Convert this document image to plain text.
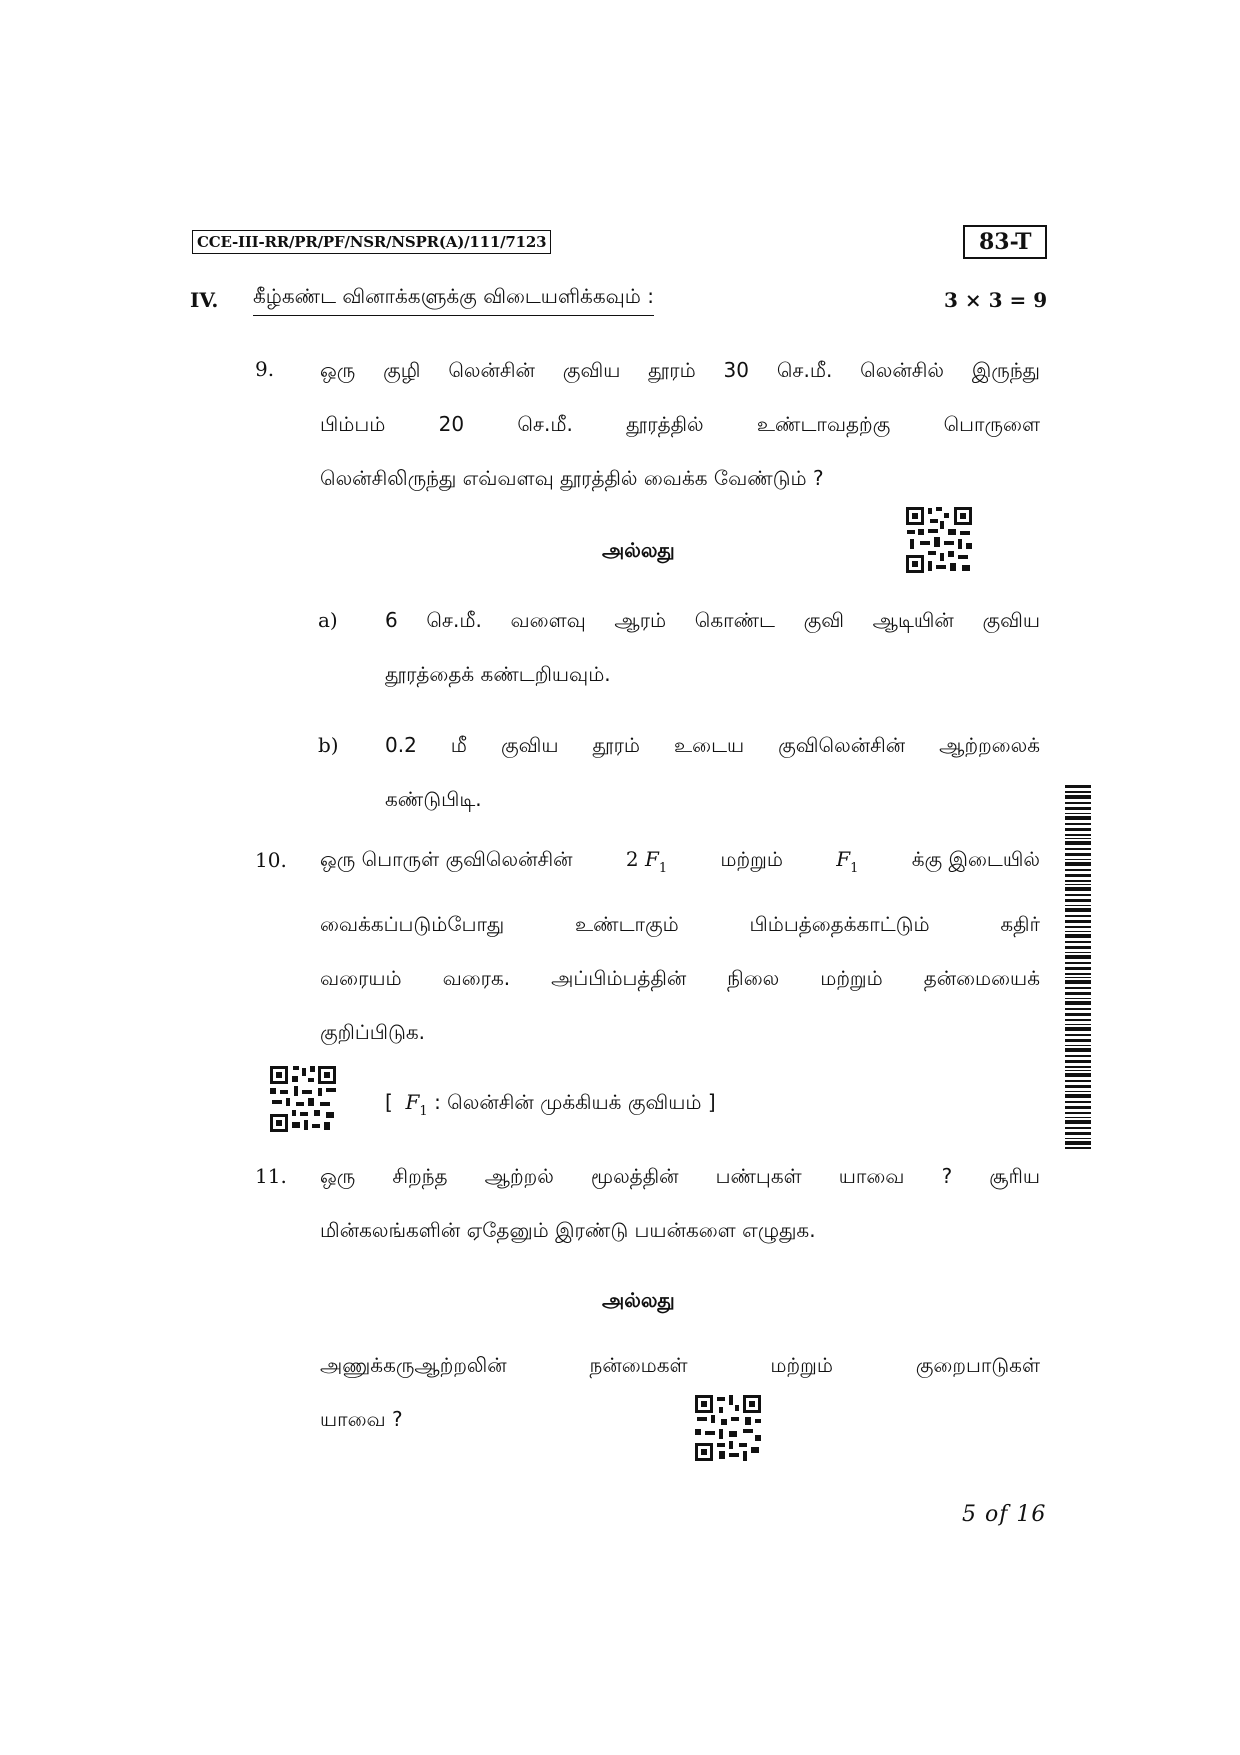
CCE-III-RR/PR/PF/NSR/NSPR(A)/111/7123	83-T
IV. கீழ்கண்ட வினாக்களுக்கு விடையளிக்கவும் :	3 × 3 = 9
9. ஒரு குழி லென்சின் குவிய தூரம் 30 செ.மீ. லென்சில் இருந்து
பிம்பம் 20 செ.மீ. தூரத்தில் உண்டாவதற்கு பொருளை
லென்சிலிருந்து எவ்வளவு தூரத்தில் வைக்க வேண்டும் ?
அல்லது
a) 6 செ.மீ. வளைவு ஆரம் கொண்ட குவி ஆடியின் குவிய
தூரத்தைக் கண்டறியவும்.
b) 0.2 மீ குவிய தூரம் உடைய குவிலென்சின் ஆற்றலைக்
கண்டுபிடி.
10. ஒரு பொருள் குவிலென்சின்	2 $F_1$	மற்றும்	$F_1$	க்கு இடையில்
வைக்கப்படும்போது உண்டாகும் பிம்பத்தைக்காட்டும் கதிர்
வரையம் வரைக. அப்பிம்பத்தின் நிலை மற்றும் தன்மையைக்
குறிப்பிடுக.
[ $F_1$ : லென்சின் முக்கியக் குவியம் ]
11. ஒரு சிறந்த ஆற்றல் மூலத்தின் பண்புகள் யாவை ? சூரிய
மின்கலங்களின் ஏதேனும் இரண்டு பயன்களை எழுதுக.
அல்லது
அணுக்கருஆற்றலின் நன்மைகள் மற்றும் குறைபாடுகள்
யாவை ?
5 of 16
